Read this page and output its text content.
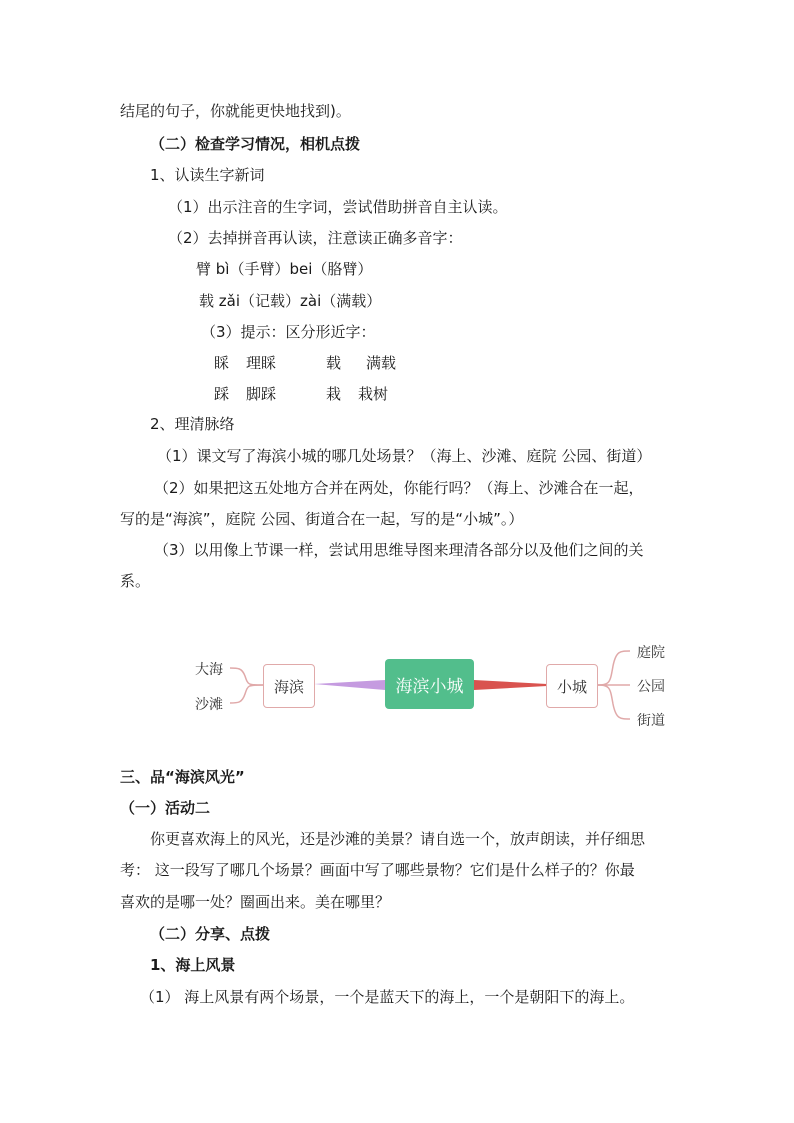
结尾的句子，你就能更快地找到)。
（二）检查学习情况，相机点拨
1、认读生字新词
（1）出示注音的生字词，尝试借助拼音自主认读。
（2）去掉拼音再认读，注意读正确多音字：
臂 bì（手臂）bei（胳臂）
载 zǎi（记载）zài（满载）
（3）提示：区分形近字：
睬 理睬	载 满载
踩 脚踩	栽 栽树
2、理清脉络
（1）课文写了海滨小城的哪几处场景？（海上、沙滩、庭院 公园、街道）
（2）如果把这五处地方合并在两处，你能行吗？（海上、沙滩合在一起，
写的是“海滨”，庭院 公园、街道合在一起，写的是“小城”。）
（3）以用像上节课一样，尝试用思维导图来理清各部分以及他们之间的关
系。
大海
沙滩
海滨	海滨小城	小城
庭院
公园
街道
三、品“海滨风光”
（一）活动二
你更喜欢海上的风光，还是沙滩的美景？请自选一个，放声朗读，并仔细思
考： 这一段写了哪几个场景？画面中写了哪些景物？它们是什么样子的？你最
喜欢的是哪一处？圈画出来。美在哪里？
（二）分享、点拨
1、海上风景
（1） 海上风景有两个场景，一个是蓝天下的海上，一个是朝阳下的海上。
